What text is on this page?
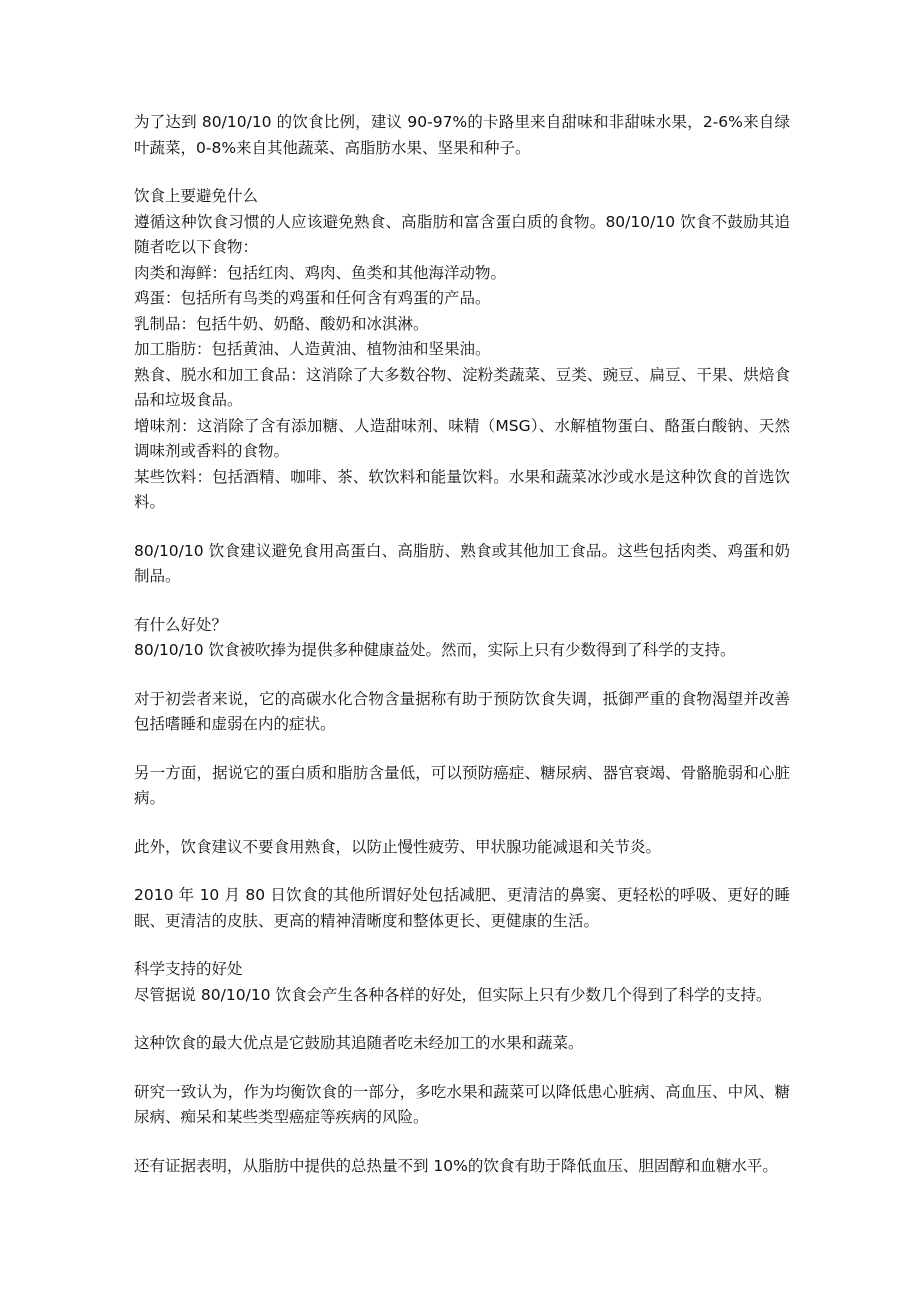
为了达到 80/10/10 的饮食比例，建议 90-97%的卡路里来自甜味和非甜味水果，2-6%来自绿叶蔬菜，0-8%来自其他蔬菜、高脂肪水果、坚果和种子。

饮食上要避免什么

遵循这种饮食习惯的人应该避免熟食、高脂肪和富含蛋白质的食物。80/10/10 饮食不鼓励其追随者吃以下食物：

肉类和海鲜：包括红肉、鸡肉、鱼类和其他海洋动物。

鸡蛋：包括所有鸟类的鸡蛋和任何含有鸡蛋的产品。

乳制品：包括牛奶、奶酪、酸奶和冰淇淋。

加工脂肪：包括黄油、人造黄油、植物油和坚果油。

熟食、脱水和加工食品：这消除了大多数谷物、淀粉类蔬菜、豆类、豌豆、扁豆、干果、烘焙食品和垃圾食品。

增味剂：这消除了含有添加糖、人造甜味剂、味精（MSG）、水解植物蛋白、酪蛋白酸钠、天然调味剂或香料的食物。

某些饮料：包括酒精、咖啡、茶、软饮料和能量饮料。水果和蔬菜冰沙或水是这种饮食的首选饮料。

80/10/10 饮食建议避免食用高蛋白、高脂肪、熟食或其他加工食品。这些包括肉类、鸡蛋和奶制品。

有什么好处？

80/10/10 饮食被吹捧为提供多种健康益处。然而，实际上只有少数得到了科学的支持。

对于初尝者来说，它的高碳水化合物含量据称有助于预防饮食失调，抵御严重的食物渴望并改善包括嗜睡和虚弱在内的症状。

另一方面，据说它的蛋白质和脂肪含量低，可以预防癌症、糖尿病、器官衰竭、骨骼脆弱和心脏病。

此外，饮食建议不要食用熟食，以防止慢性疲劳、甲状腺功能减退和关节炎。

2010 年 10 月 80 日饮食的其他所谓好处包括减肥、更清洁的鼻窦、更轻松的呼吸、更好的睡眠、更清洁的皮肤、更高的精神清晰度和整体更长、更健康的生活。

科学支持的好处

尽管据说 80/10/10 饮食会产生各种各样的好处，但实际上只有少数几个得到了科学的支持。

这种饮食的最大优点是它鼓励其追随者吃未经加工的水果和蔬菜。

研究一致认为，作为均衡饮食的一部分，多吃水果和蔬菜可以降低患心脏病、高血压、中风、糖尿病、痴呆和某些类型癌症等疾病的风险。

还有证据表明，从脂肪中提供的总热量不到 10%的饮食有助于降低血压、胆固醇和血糖水平。
